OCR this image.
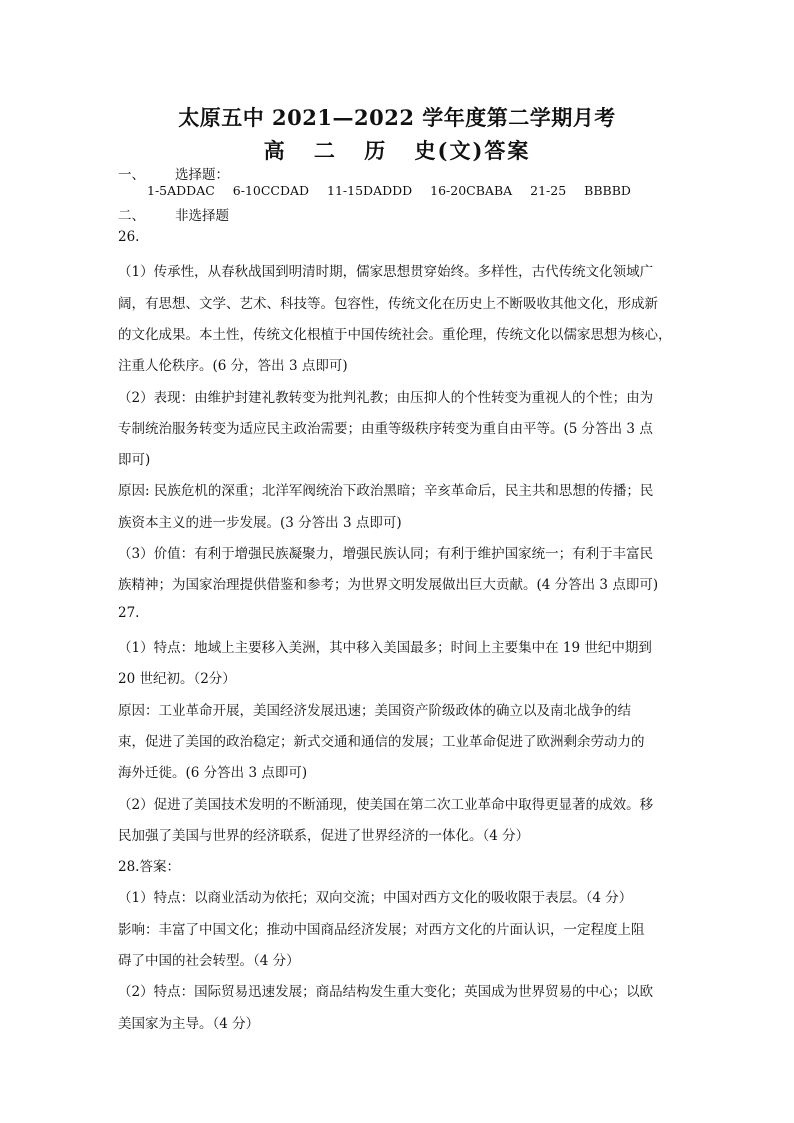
太原五中 2021—2022 学年度第二学期月考
高 二 历 史(文)答案
一、 选择题：
1-5ADDAC 6-10CCDAD 11-15DADDD 16-20CBABA 21-25 BBBBD
二、 非选择题
26.
（1）传承性，从春秋战国到明清时期，儒家思想贯穿始终。多样性，古代传统文化领域广
阔，有思想、文学、艺术、科技等。包容性，传统文化在历史上不断吸收其他文化，形成新
的文化成果。本土性，传统文化根植于中国传统社会。重伦理，传统文化以儒家思想为核心，
注重人伦秩序。(6 分，答出 3 点即可)
（2）表现：由维护封建礼教转变为批判礼教；由压抑人的个性转变为重视人的个性；由为
专制统治服务转变为适应民主政治需要；由重等级秩序转变为重自由平等。(5 分答出 3 点
即可)
原因: 民族危机的深重；北洋军阀统治下政治黑暗；辛亥革命后，民主共和思想的传播；民
族资本主义的进一步发展。(3 分答出 3 点即可)
（3）价值：有利于增强民族凝聚力，增强民族认同；有利于维护国家统一；有利于丰富民
族精神；为国家治理提供借鉴和参考；为世界文明发展做出巨大贡献。(4 分答出 3 点即可)
27.
（1）特点：地域上主要移入美洲，其中移入美国最多；时间上主要集中在 19 世纪中期到
20 世纪初。（2分）
原因：工业革命开展，美国经济发展迅速；美国资产阶级政体的确立以及南北战争的结
束，促进了美国的政治稳定；新式交通和通信的发展；工业革命促进了欧洲剩余劳动力的
海外迁徙。(6 分答出 3 点即可)
（2）促进了美国技术发明的不断涌现，使美国在第二次工业革命中取得更显著的成效。移
民加强了美国与世界的经济联系，促进了世界经济的一体化。（4 分）
28.答案：
（1）特点：以商业活动为依托；双向交流；中国对西方文化的吸收限于表层。（4 分）
影响：丰富了中国文化；推动中国商品经济发展；对西方文化的片面认识，一定程度上阻
碍了中国的社会转型。（4 分）
（2）特点：国际贸易迅速发展；商品结构发生重大变化；英国成为世界贸易的中心；以欧
美国家为主导。（4 分）
